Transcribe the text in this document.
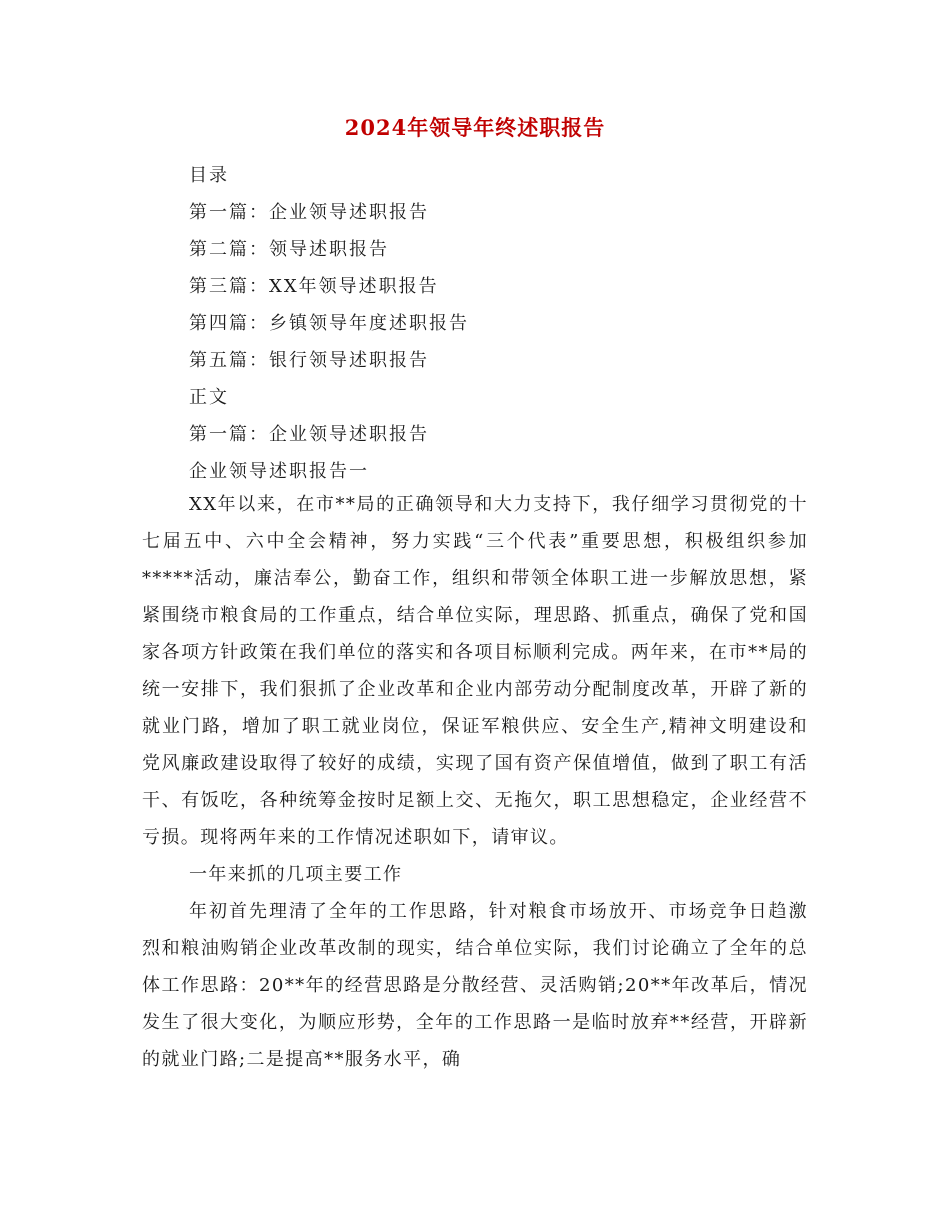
2024年领导年终述职报告
目录
第一篇：企业领导述职报告
第二篇：领导述职报告
第三篇：XX年领导述职报告
第四篇：乡镇领导年度述职报告
第五篇：银行领导述职报告
正文
第一篇：企业领导述职报告
企业领导述职报告一

XX年以来，在市**局的正确领导和大力支持下，我仔细学习贯彻党的十七届五中、六中全会精神，努力实践“三个代表”重要思想，积极组织参加*****活动，廉洁奉公，勤奋工作，组织和带领全体职工进一步解放思想，紧紧围绕市粮食局的工作重点，结合单位实际，理思路、抓重点，确保了党和国家各项方针政策在我们单位的落实和各项目标顺利完成。两年来，在市**局的统一安排下，我们狠抓了企业改革和企业内部劳动分配制度改革，开辟了新的就业门路，增加了职工就业岗位，保证军粮供应、安全生产,精神文明建设和党风廉政建设取得了较好的成绩，实现了国有资产保值增值，做到了职工有活干、有饭吃，各种统筹金按时足额上交、无拖欠，职工思想稳定，企业经营不亏损。现将两年来的工作情况述职如下，请审议。

一年来抓的几项主要工作

年初首先理清了全年的工作思路，针对粮食市场放开、市场竞争日趋激烈和粮油购销企业改革改制的现实，结合单位实际，我们讨论确立了全年的总体工作思路：20**年的经营思路是分散经营、灵活购销;20**年改革后，情况发生了很大变化，为顺应形势，全年的工作思路一是临时放弃**经营，开辟新的就业门路;二是提高**服务水平，确
